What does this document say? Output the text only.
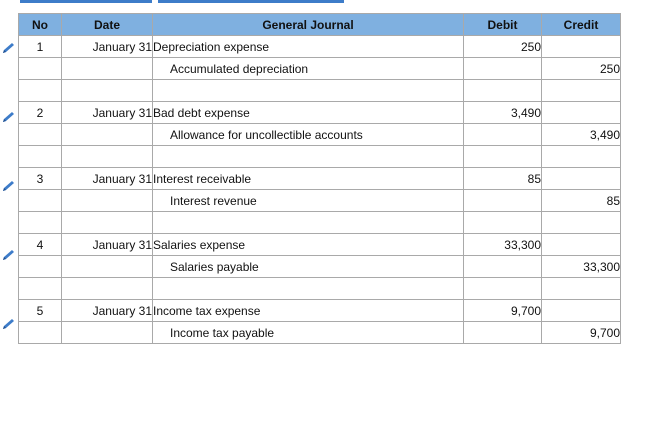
No	Date	General Journal	Debit	Credit
1	January 31	Depreciation expense	250	
		Accumulated depreciation		250

2	January 31	Bad debt expense	3,490	
		Allowance for uncollectible accounts		3,490

3	January 31	Interest receivable	85	
		Interest revenue		85

4	January 31	Salaries expense	33,300	
		Salaries payable		33,300

5	January 31	Income tax expense	9,700	
		Income tax payable		9,700
